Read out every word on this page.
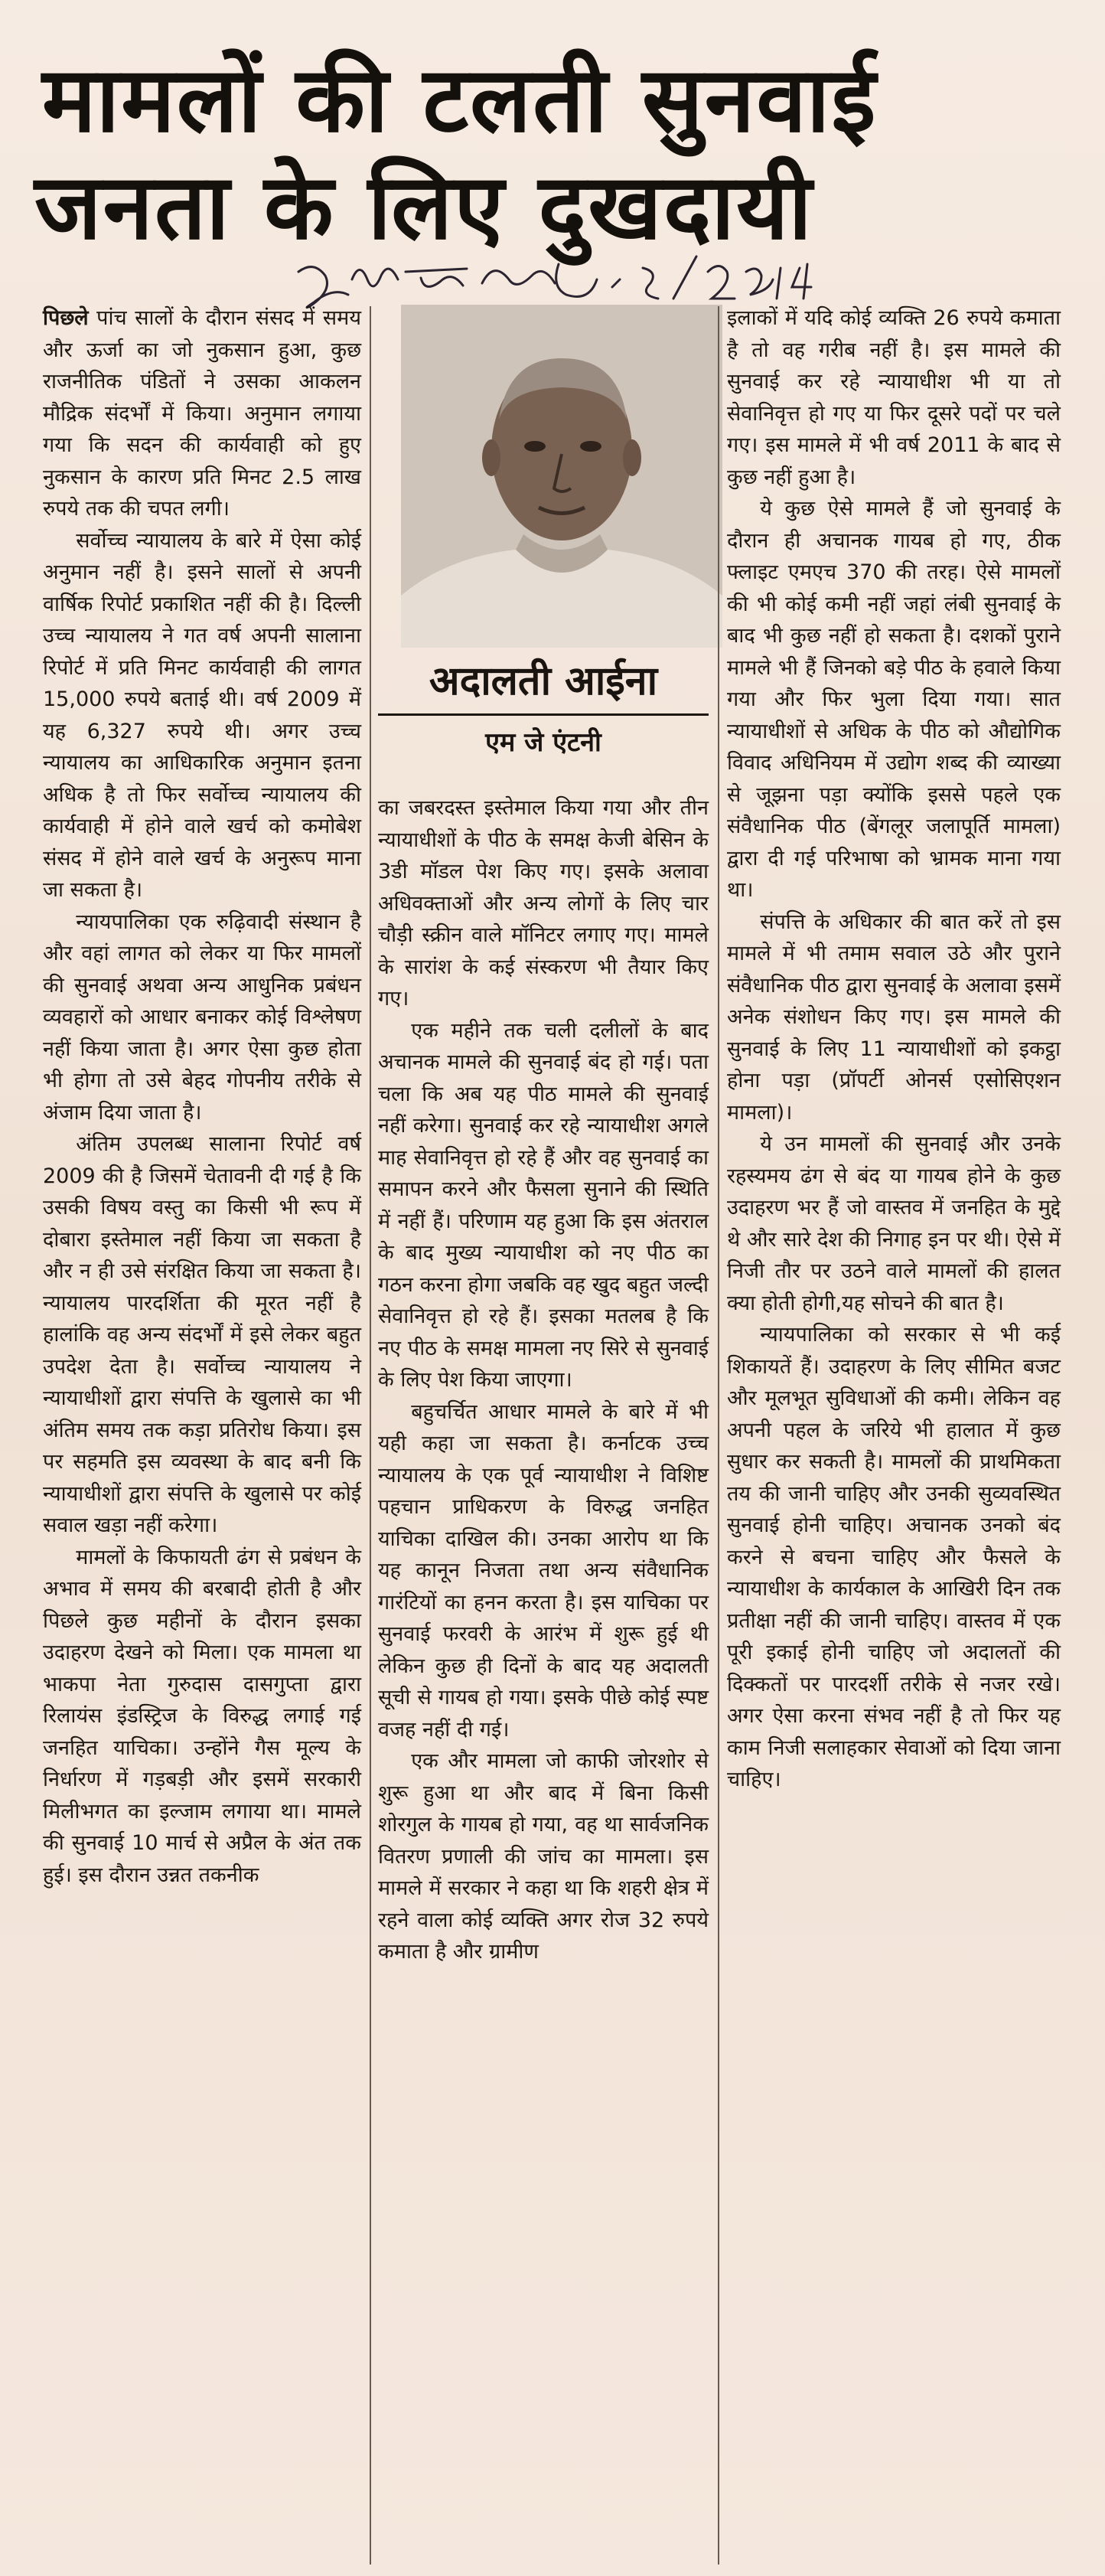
मामलों की टलती सुनवाई
जनता के लिए दुखदायी
अदालती आईना
एम जे एंटनी

पिछले पांच सालों के दौरान संसद में समय और ऊर्जा का जो नुकसान हुआ, कुछ राजनीतिक पंडितों ने उसका आकलन मौद्रिक संदर्भों में किया। अनुमान लगाया गया कि सदन की कार्यवाही को हुए नुकसान के कारण प्रति मिनट 2.5 लाख रुपये तक की चपत लगी।

सर्वोच्च न्यायालय के बारे में ऐसा कोई अनुमान नहीं है। इसने सालों से अपनी वार्षिक रिपोर्ट प्रकाशित नहीं की है। दिल्ली उच्च न्यायालय ने गत वर्ष अपनी सालाना रिपोर्ट में प्रति मिनट कार्यवाही की लागत 15,000 रुपये बताई थी। वर्ष 2009 में यह 6,327 रुपये थी। अगर उच्च न्यायालय का आधिकारिक अनुमान इतना अधिक है तो फिर सर्वोच्च न्यायालय की कार्यवाही में होने वाले खर्च को कमोबेश संसद में होने वाले खर्च के अनुरूप माना जा सकता है।

न्यायपालिका एक रुढ़िवादी संस्थान है और वहां लागत को लेकर या फिर मामलों की सुनवाई अथवा अन्य आधुनिक प्रबंधन व्यवहारों को आधार बनाकर कोई विश्लेषण नहीं किया जाता है। अगर ऐसा कुछ होता भी होगा तो उसे बेहद गोपनीय तरीके से अंजाम दिया जाता है।

अंतिम उपलब्ध सालाना रिपोर्ट वर्ष 2009 की है जिसमें चेतावनी दी गई है कि उसकी विषय वस्तु का किसी भी रूप में दोबारा इस्तेमाल नहीं किया जा सकता है और न ही उसे संरक्षित किया जा सकता है। न्यायालय पारदर्शिता की मूरत नहीं है हालांकि वह अन्य संदर्भों में इसे लेकर बहुत उपदेश देता है। सर्वोच्च न्यायालय ने न्यायाधीशों द्वारा संपत्ति के खुलासे का भी अंतिम समय तक कड़ा प्रतिरोध किया। इस पर सहमति इस व्यवस्था के बाद बनी कि न्यायाधीशों द्वारा संपत्ति के खुलासे पर कोई सवाल खड़ा नहीं करेगा।

मामलों के किफायती ढंग से प्रबंधन के अभाव में समय की बरबादी होती है और पिछले कुछ महीनों के दौरान इसका उदाहरण देखने को मिला। एक मामला था भाकपा नेता गुरुदास दासगुप्ता द्वारा रिलायंस इंडस्ट्रिज के विरुद्ध लगाई गई जनहित याचिका। उन्होंने गैस मूल्य के निर्धारण में गड़बड़ी और इसमें सरकारी मिलीभगत का इल्जाम लगाया था। मामले की सुनवाई 10 मार्च से अप्रैल के अंत तक हुई। इस दौरान उन्नत तकनीक

का जबरदस्त इस्तेमाल किया गया और तीन न्यायाधीशों के पीठ के समक्ष केजी बेसिन के 3डी मॉडल पेश किए गए। इसके अलावा अधिवक्ताओं और अन्य लोगों के लिए चार चौड़ी स्क्रीन वाले मॉनिटर लगाए गए। मामले के सारांश के कई संस्करण भी तैयार किए गए।

एक महीने तक चली दलीलों के बाद अचानक मामले की सुनवाई बंद हो गई। पता चला कि अब यह पीठ मामले की सुनवाई नहीं करेगा। सुनवाई कर रहे न्यायाधीश अगले माह सेवानिवृत्त हो रहे हैं और वह सुनवाई का समापन करने और फैसला सुनाने की स्थिति में नहीं हैं। परिणाम यह हुआ कि इस अंतराल के बाद मुख्य न्यायाधीश को नए पीठ का गठन करना होगा जबकि वह खुद बहुत जल्दी सेवानिवृत्त हो रहे हैं। इसका मतलब है कि नए पीठ के समक्ष मामला नए सिरे से सुनवाई के लिए पेश किया जाएगा।

बहुचर्चित आधार मामले के बारे में भी यही कहा जा सकता है। कर्नाटक उच्च न्यायालय के एक पूर्व न्यायाधीश ने विशिष्ट पहचान प्राधिकरण के विरुद्ध जनहित याचिका दाखिल की। उनका आरोप था कि यह कानून निजता तथा अन्य संवैधानिक गारंटियों का हनन करता है। इस याचिका पर सुनवाई फरवरी के आरंभ में शुरू हुई थी लेकिन कुछ ही दिनों के बाद यह अदालती सूची से गायब हो गया। इसके पीछे कोई स्पष्ट वजह नहीं दी गई।

एक और मामला जो काफी जोरशोर से शुरू हुआ था और बाद में बिना किसी शोरगुल के गायब हो गया, वह था सार्वजनिक वितरण प्रणाली की जांच का मामला। इस मामले में सरकार ने कहा था कि शहरी क्षेत्र में रहने वाला कोई व्यक्ति अगर रोज 32 रुपये कमाता है और ग्रामीण

इलाकों में यदि कोई व्यक्ति 26 रुपये कमाता है तो वह गरीब नहीं है। इस मामले की सुनवाई कर रहे न्यायाधीश भी या तो सेवानिवृत्त हो गए या फिर दूसरे पदों पर चले गए। इस मामले में भी वर्ष 2011 के बाद से कुछ नहीं हुआ है।

ये कुछ ऐसे मामले हैं जो सुनवाई के दौरान ही अचानक गायब हो गए, ठीक फ्लाइट एमएच 370 की तरह। ऐसे मामलों की भी कोई कमी नहीं जहां लंबी सुनवाई के बाद भी कुछ नहीं हो सकता है। दशकों पुराने मामले भी हैं जिनको बड़े पीठ के हवाले किया गया और फिर भुला दिया गया। सात न्यायाधीशों से अधिक के पीठ को औद्योगिक विवाद अधिनियम में उद्योग शब्द की व्याख्या से जूझना पड़ा क्योंकि इससे पहले एक संवैधानिक पीठ (बेंगलूर जलापूर्ति मामला) द्वारा दी गई परिभाषा को भ्रामक माना गया था।

संपत्ति के अधिकार की बात करें तो इस मामले में भी तमाम सवाल उठे और पुराने संवैधानिक पीठ द्वारा सुनवाई के अलावा इसमें अनेक संशोधन किए गए। इस मामले की सुनवाई के लिए 11 न्यायाधीशों को इकट्ठा होना पड़ा (प्रॉपर्टी ओनर्स एसोसिएशन मामला)।

ये उन मामलों की सुनवाई और उनके रहस्यमय ढंग से बंद या गायब होने के कुछ उदाहरण भर हैं जो वास्तव में जनहित के मुद्दे थे और सारे देश की निगाह इन पर थी। ऐसे में निजी तौर पर उठने वाले मामलों की हालत क्या होती होगी,यह सोचने की बात है।

न्यायपालिका को सरकार से भी कई शिकायतें हैं। उदाहरण के लिए सीमित बजट और मूलभूत सुविधाओं की कमी। लेकिन वह अपनी पहल के जरिये भी हालात में कुछ सुधार कर सकती है। मामलों की प्राथमिकता तय की जानी चाहिए और उनकी सुव्यवस्थित सुनवाई होनी चाहिए। अचानक उनको बंद करने से बचना चाहिए और फैसले के न्यायाधीश के कार्यकाल के आखिरी दिन तक प्रतीक्षा नहीं की जानी चाहिए। वास्तव में एक पूरी इकाई होनी चाहिए जो अदालतों की दिक्कतों पर पारदर्शी तरीके से नजर रखे। अगर ऐसा करना संभव नहीं है तो फिर यह काम निजी सलाहकार सेवाओं को दिया जाना चाहिए।
